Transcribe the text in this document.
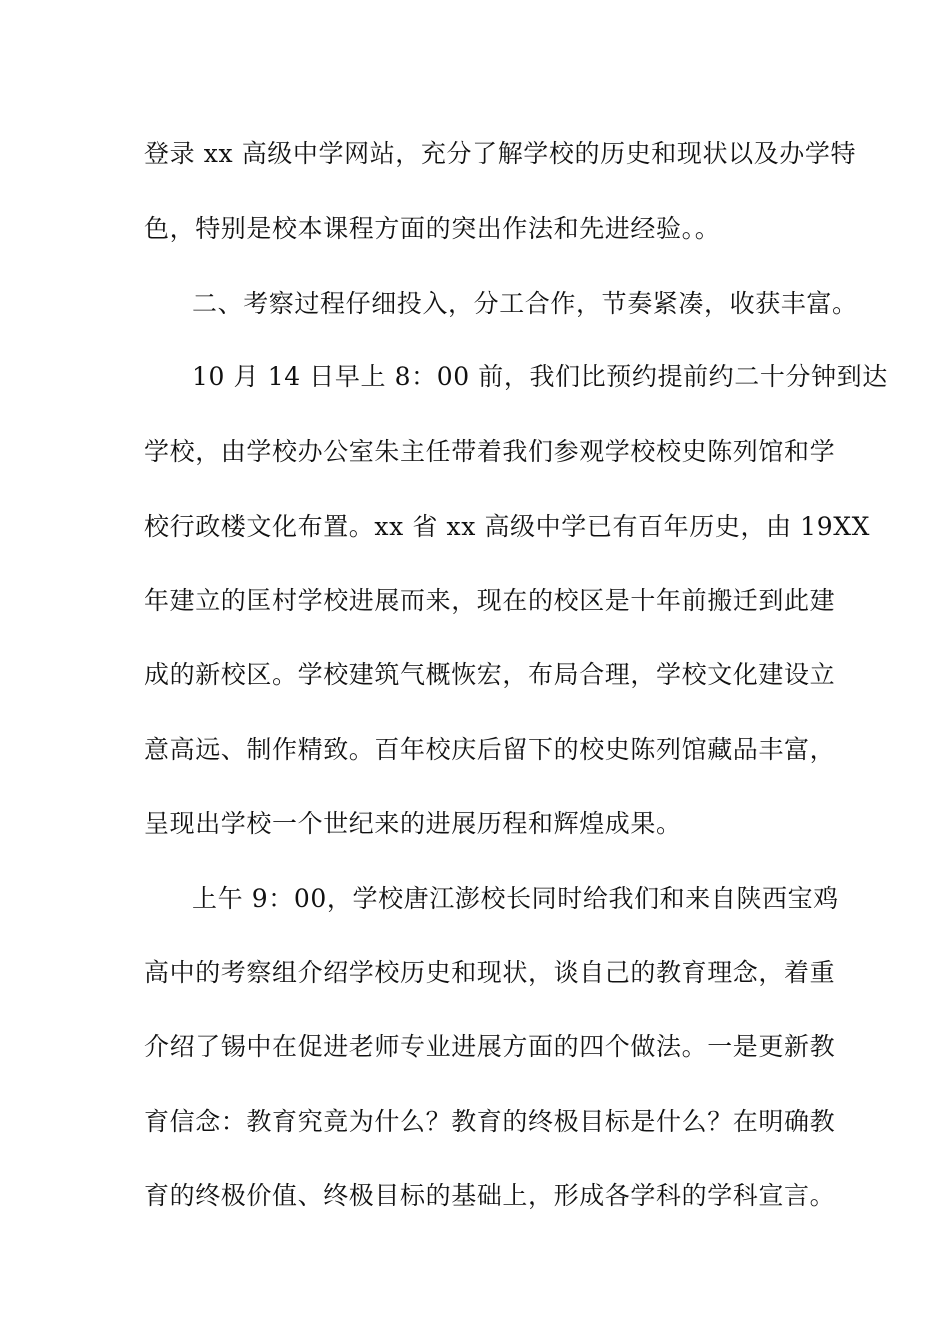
登录 xx 高级中学网站，充分了解学校的历史和现状以及办学特
色，特别是校本课程方面的突出作法和先进经验。。
二、考察过程仔细投入，分工合作，节奏紧凑，收获丰富。
10 月 14 日早上 8：00 前，我们比预约提前约二十分钟到达
学校，由学校办公室朱主任带着我们参观学校校史陈列馆和学
校行政楼文化布置。xx 省 xx 高级中学已有百年历史，由 19XX
年建立的匡村学校进展而来，现在的校区是十年前搬迁到此建
成的新校区。学校建筑气概恢宏，布局合理，学校文化建设立
意高远、制作精致。百年校庆后留下的校史陈列馆藏品丰富，
呈现出学校一个世纪来的进展历程和辉煌成果。
上午 9：00，学校唐江澎校长同时给我们和来自陕西宝鸡
高中的考察组介绍学校历史和现状，谈自己的教育理念，着重
介绍了锡中在促进老师专业进展方面的四个做法。一是更新教
育信念：教育究竟为什么？教育的终极目标是什么？在明确教
育的终极价值、终极目标的基础上，形成各学科的学科宣言。
